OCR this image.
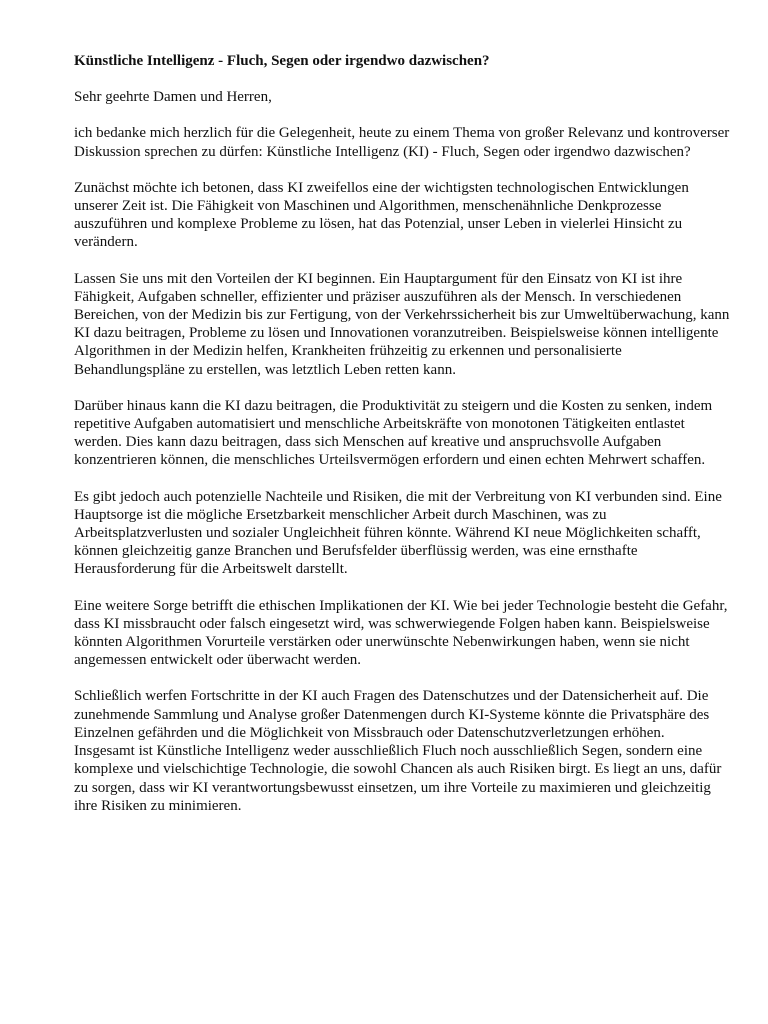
Künstliche Intelligenz - Fluch, Segen oder irgendwo dazwischen?

Sehr geehrte Damen und Herren,

ich bedanke mich herzlich für die Gelegenheit, heute zu einem Thema von großer Relevanz und kontroverser Diskussion sprechen zu dürfen: Künstliche Intelligenz (KI) - Fluch, Segen oder irgendwo dazwischen?

Zunächst möchte ich betonen, dass KI zweifellos eine der wichtigsten technologischen Entwicklungen unserer Zeit ist. Die Fähigkeit von Maschinen und Algorithmen, menschenähnliche Denkprozesse auszuführen und komplexe Probleme zu lösen, hat das Potenzial, unser Leben in vielerlei Hinsicht zu verändern.

Lassen Sie uns mit den Vorteilen der KI beginnen. Ein Hauptargument für den Einsatz von KI ist ihre Fähigkeit, Aufgaben schneller, effizienter und präziser auszuführen als der Mensch. In verschiedenen Bereichen, von der Medizin bis zur Fertigung, von der Verkehrssicherheit bis zur Umweltüberwachung, kann KI dazu beitragen, Probleme zu lösen und Innovationen voranzutreiben. Beispielsweise können intelligente Algorithmen in der Medizin helfen, Krankheiten frühzeitig zu erkennen und personalisierte Behandlungspläne zu erstellen, was letztlich Leben retten kann.

Darüber hinaus kann die KI dazu beitragen, die Produktivität zu steigern und die Kosten zu senken, indem repetitive Aufgaben automatisiert und menschliche Arbeitskräfte von monotonen Tätigkeiten entlastet werden. Dies kann dazu beitragen, dass sich Menschen auf kreative und anspruchsvolle Aufgaben konzentrieren können, die menschliches Urteilsvermögen erfordern und einen echten Mehrwert schaffen.

Es gibt jedoch auch potenzielle Nachteile und Risiken, die mit der Verbreitung von KI verbunden sind. Eine Hauptsorge ist die mögliche Ersetzbarkeit menschlicher Arbeit durch Maschinen, was zu Arbeitsplatzverlusten und sozialer Ungleichheit führen könnte. Während KI neue Möglichkeiten schafft, können gleichzeitig ganze Branchen und Berufsfelder überflüssig werden, was eine ernsthafte Herausforderung für die Arbeitswelt darstellt.

Eine weitere Sorge betrifft die ethischen Implikationen der KI. Wie bei jeder Technologie besteht die Gefahr, dass KI missbraucht oder falsch eingesetzt wird, was schwerwiegende Folgen haben kann. Beispielsweise könnten Algorithmen Vorurteile verstärken oder unerwünschte Nebenwirkungen haben, wenn sie nicht angemessen entwickelt oder überwacht werden.

Schließlich werfen Fortschritte in der KI auch Fragen des Datenschutzes und der Datensicherheit auf. Die zunehmende Sammlung und Analyse großer Datenmengen durch KI-Systeme könnte die Privatsphäre des Einzelnen gefährden und die Möglichkeit von Missbrauch oder Datenschutzverletzungen erhöhen.

Insgesamt ist Künstliche Intelligenz weder ausschließlich Fluch noch ausschließlich Segen, sondern eine komplexe und vielschichtige Technologie, die sowohl Chancen als auch Risiken birgt. Es liegt an uns, dafür zu sorgen, dass wir KI verantwortungsbewusst einsetzen, um ihre Vorteile zu maximieren und gleichzeitig ihre Risiken zu minimieren.
